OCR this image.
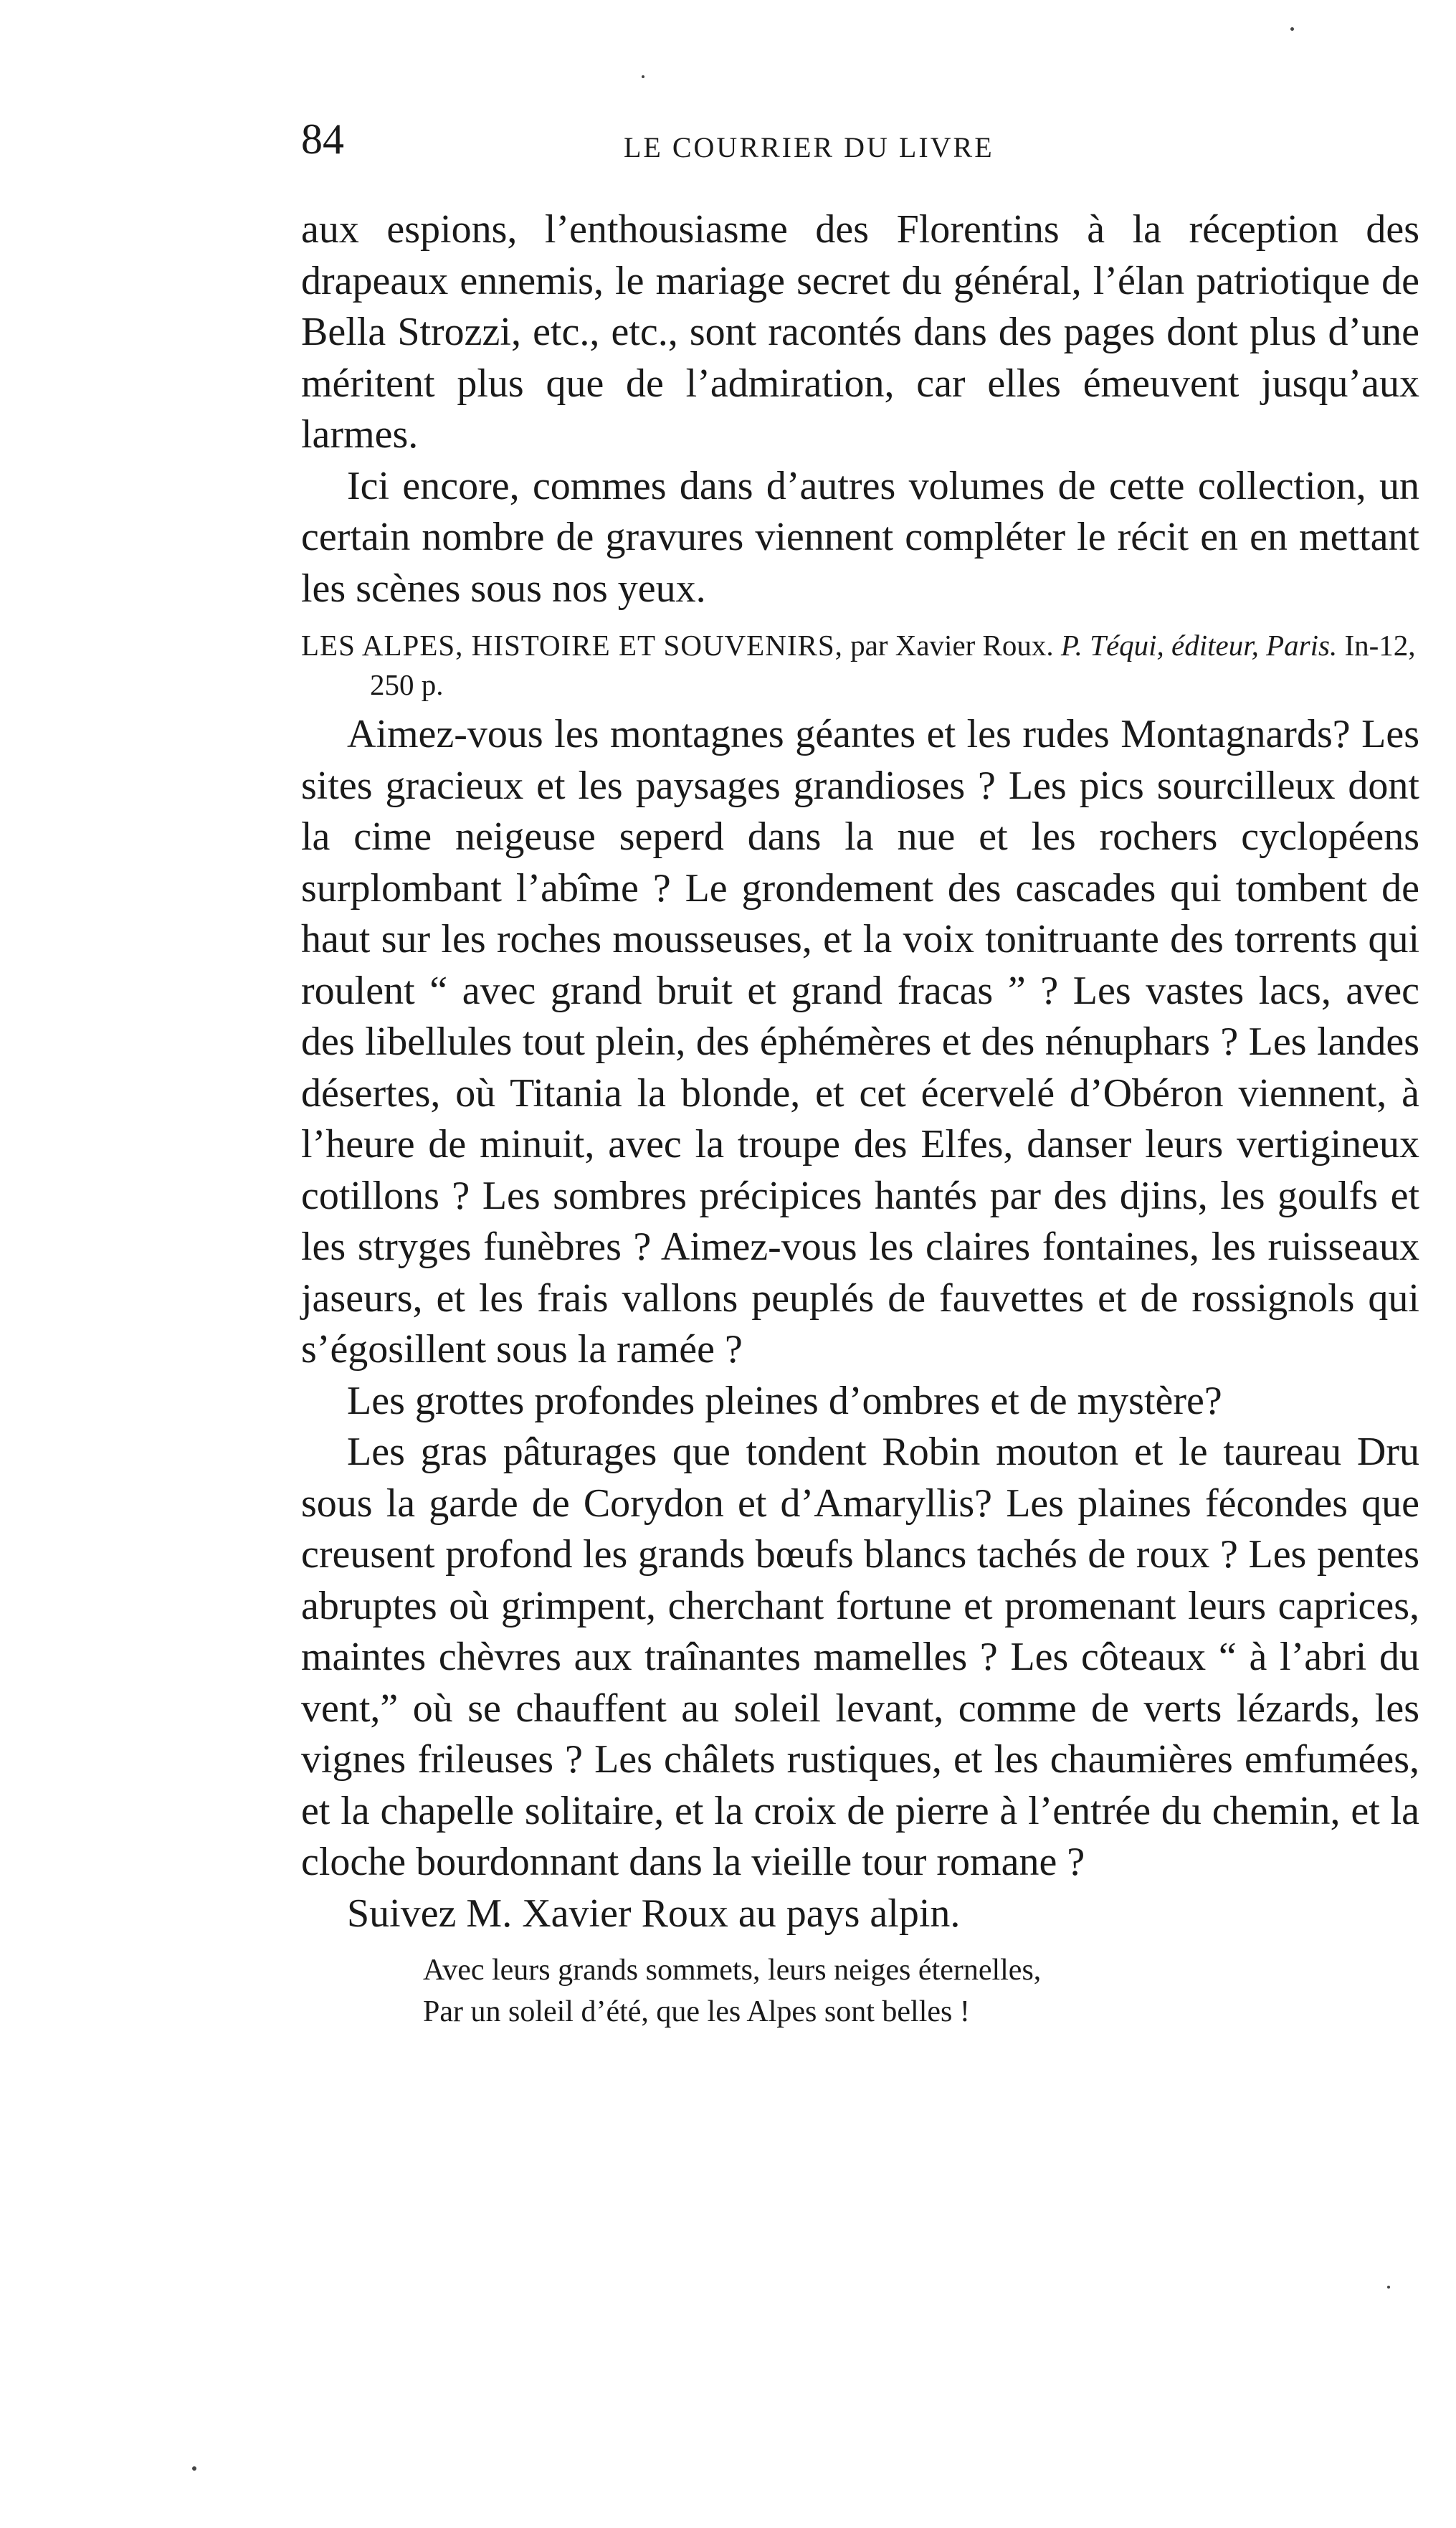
84	LE COURRIER DU LIVRE

aux espions, l’enthousiasme des Florentins à la réception des drapeaux ennemis, le mariage secret du général, l’élan patriotique de Bella Strozzi, etc., etc., sont racontés dans des pages dont plus d’une méritent plus que de l’admiration, car elles émeuvent jusqu’aux larmes.

Ici encore, commes dans d’autres volumes de cette collection, un certain nombre de gravures viennent compléter le récit en en mettant les scènes sous nos yeux.

LES ALPES, HISTOIRE ET SOUVENIRS, par Xavier Roux. P. Téqui, éditeur, Paris. In-12, 250 p.

Aimez-vous les montagnes géantes et les rudes Montagnards? Les sites gracieux et les paysages grandioses ? Les pics sourcilleux dont la cime neigeuse seperd dans la nue et les rochers cyclopéens surplombant l’abîme ? Le grondement des cascades qui tombent de haut sur les roches mousseuses, et la voix tonitruante des torrents qui roulent “ avec grand bruit et grand fracas ” ? Les vastes lacs, avec des libellules tout plein, des éphémères et des nénuphars ? Les landes désertes, où Titania la blonde, et cet écervelé d’Obéron viennent, à l’heure de minuit, avec la troupe des Elfes, danser leurs vertigineux cotillons ? Les sombres précipices hantés par des djins, les goulfs et les stryges funèbres ? Aimez-vous les claires fontaines, les ruisseaux jaseurs, et les frais vallons peuplés de fauvettes et de rossignols qui s’égosillent sous la ramée ?

Les grottes profondes pleines d’ombres et de mystère?

Les gras pâturages que tondent Robin mouton et le taureau Dru sous la garde de Corydon et d’Amaryllis? Les plaines fécondes que creusent profond les grands bœufs blancs tachés de roux ? Les pentes abruptes où grimpent, cherchant fortune et promenant leurs caprices, maintes chèvres aux traînantes mamelles ? Les côteaux “ à l’abri du vent,” où se chauffent au soleil levant, comme de verts lézards, les vignes frileuses ? Les châlets rustiques, et les chaumières emfumées, et la chapelle solitaire, et la croix de pierre à l’entrée du chemin, et la cloche bourdonnant dans la vieille tour romane ?

Suivez M. Xavier Roux au pays alpin.

Avec leurs grands sommets, leurs neiges éternelles,
Par un soleil d’été, que les Alpes sont belles !
